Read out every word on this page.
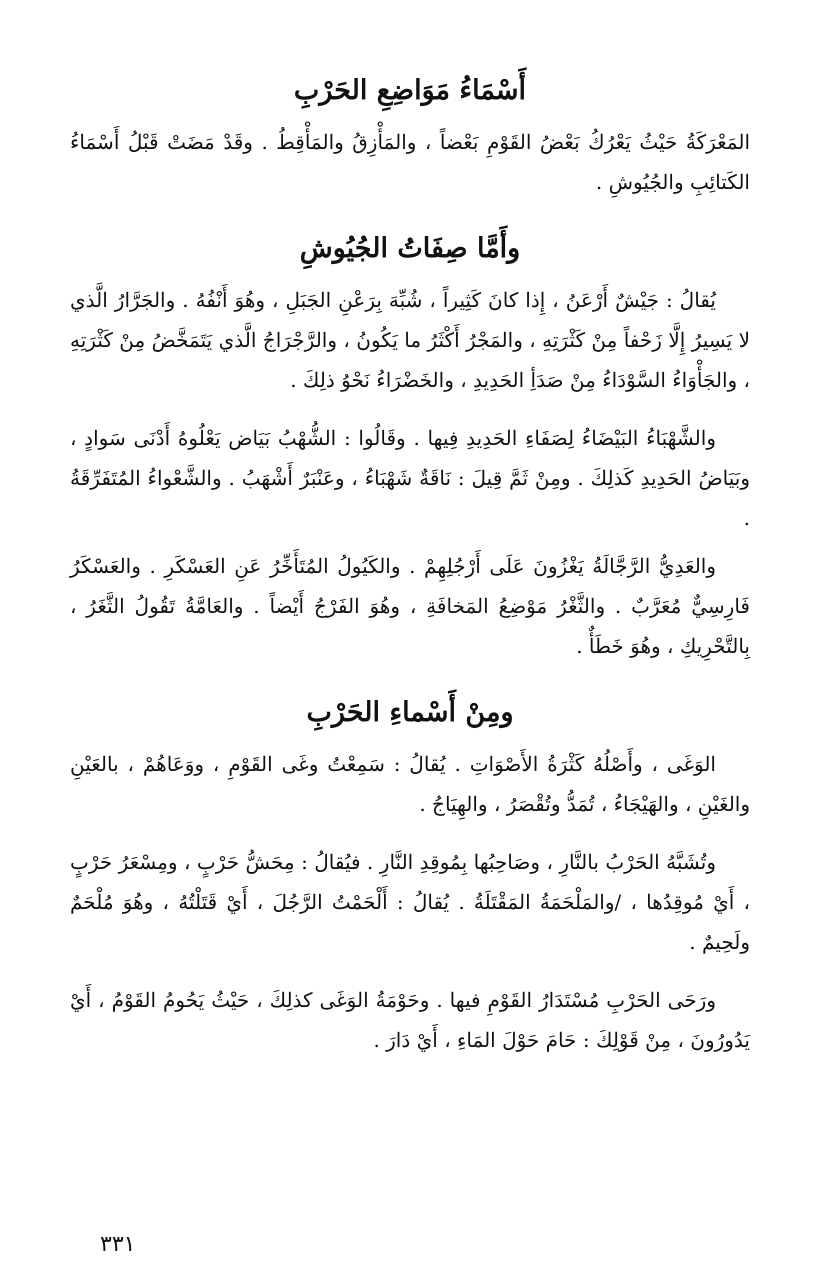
أَسْمَاءُ مَوَاضِعِ الحَرْبِ

المَعْرَكَةُ حَيْثُ يَعْرُكُ بَعْضُ القَوْمِ بَعْضاً ، والمَأْزِقُ والمَأْقِطُ . وقَدْ مَضَتْ قَبْلُ أَسْمَاءُ الكَتائِبِ والجُيُوشِ .

وأَمَّا صِفَاتُ الجُيُوشِ

يُقالُ : جَيْشٌ أَرْعَنُ ، إِذا كانَ كَثِيراً ، شُبِّهَ بِرَعْنِ الجَبَلِ ، وهُوَ أَنْفُهُ . والجَرَّارُ الَّذي لا يَسِيرُ إِلَّا زَحْفاً مِنْ كَثْرَتِهِ ، والمَجْرُ أَكْثَرُ ما يَكُونُ ، والرَّجْرَاجُ الَّذي يَتَمَخَّضُ مِنْ كَثْرَتِهِ ، والجَأْوَاءُ السَّوْدَاءُ مِنْ صَدَأِ الحَدِيدِ ، والخَضْرَاءُ نَحْوُ ذلِكَ .

والشَّهْبَاءُ البَيْضَاءُ لِصَفَاءِ الحَدِيدِ فِيها . وقَالُوا : الشُّهْبُ بَيَاض يَعْلُوهُ أَدْنَى سَوادٍ ، وبَيَاضُ الحَدِيدِ كَذلِكَ . ومِنْ ثَمَّ قِيلَ : نَاقَةٌ شَهْبَاءُ ، وعَنْبَرٌ أَشْهَبُ . والشَّعْواءُ المُتَفَرِّقَةُ .

والعَدِيُّ الرَّجَّالَةُ يَغْزُونَ عَلَى أَرْجُلِهِمْ . والكَيُولُ المُتَأَخِّرُ عَنِ العَسْكَرِ . والعَسْكَرُ فَارِسِيٌّ مُعَرَّبٌ . والثَّغْرُ مَوْضِعُ المَخافَةِ ، وهُوَ الفَرْجُ أَيْضاً . والعَامَّةُ تَقُولُ الثَّغَرُ ، بِالتَّحْرِيكِ ، وهُوَ خَطَأٌ .

ومِنْ أَسْماءِ الحَرْبِ

الوَغَى ، وأَصْلُهُ كَثْرَةُ الأَصْوَاتِ . يُقالُ : سَمِعْتُ وغَى القَوْمِ ، ووَعَاهُمْ ، بالعَيْنِ والغَيْنِ ، والهَيْجَاءُ ، تُمَدُّ وتُقْصَرُ ، والهِيَاجُ .

وتُشَبَّهُ الحَرْبُ بالنَّارِ ، وصَاحِبُها بِمُوقِدِ النَّارِ . فيُقالُ : مِحَشُّ حَرْبٍ ، ومِسْعَرُ حَرْبٍ ، أَيْ مُوقِدُها ، /والمَلْحَمَةُ المَقْتَلَةُ . يُقالُ : أَلْحَمْتُ الرَّجُلَ ، أَيْ قَتَلْتُهُ ، وهُوَ مُلْحَمٌ ولَحِيمٌ .

ورَحَى الحَرْبِ مُسْتَدَارُ القَوْمِ فيها . وحَوْمَةُ الوَغَى كذلِكَ ، حَيْثُ يَحُومُ القَوْمُ ، أَيْ يَدُورُونَ ، مِنْ قَوْلِكَ : حَامَ حَوْلَ المَاءِ ، أَيْ دَارَ .

٣٣١
